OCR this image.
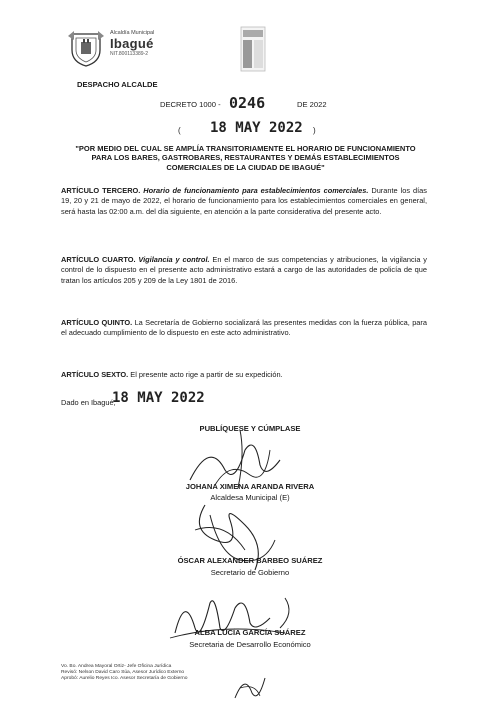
Alcaldía Municipal
Ibagué
NIT.800113389-2
DESPACHO ALCALDE
DECRETO 1000 - 0246	DE 2022
( 18 MAY 2022 )
"POR MEDIO DEL CUAL SE AMPLÍA TRANSITORIAMENTE EL HORARIO DE FUNCIONAMIENTO PARA LOS BARES, GASTROBARES, RESTAURANTES Y DEMÁS ESTABLECIMIENTOS COMERCIALES DE LA CIUDAD DE IBAGUÉ"
ARTÍCULO TERCERO. Horario de funcionamiento para establecimientos comerciales. Durante los días 19, 20 y 21 de mayo de 2022, el horario de funcionamiento para los establecimientos comerciales en general, será hasta las 02:00 a.m. del día siguiente, en atención a la parte considerativa del presente acto.
ARTÍCULO CUARTO. Vigilancia y control. En el marco de sus competencias y atribuciones, la vigilancia y control de lo dispuesto en el presente acto administrativo estará a cargo de las autoridades de policía de que tratan los artículos 205 y 209 de la Ley 1801 de 2016.
ARTÍCULO QUINTO. La Secretaría de Gobierno socializará las presentes medidas con la fuerza pública, para el adecuado cumplimiento de lo dispuesto en este acto administrativo.
ARTÍCULO SEXTO. El presente acto rige a partir de su expedición.
Dado en Ibagué,
18 MAY 2022
PUBLÍQUESE Y CÚMPLASE
JOHANA XIMENA ARANDA RIVERA
Alcaldesa Municipal (E)
ÓSCAR ALEXANDER BARBEO SUÁREZ
Secretario de Gobierno
ALBA LUCÍA GARCÍA SUÁREZ
Secretaria de Desarrollo Económico
Vo. Bo. Andrea Mayoral Ortiz- Jefe Oficina Jurídica
Revisó: Nelson David Caro Súa, Asesor Jurídico Externo
Aprobó: Aurelio Reyes Ico. Asesor Secretaría de Gobierno
